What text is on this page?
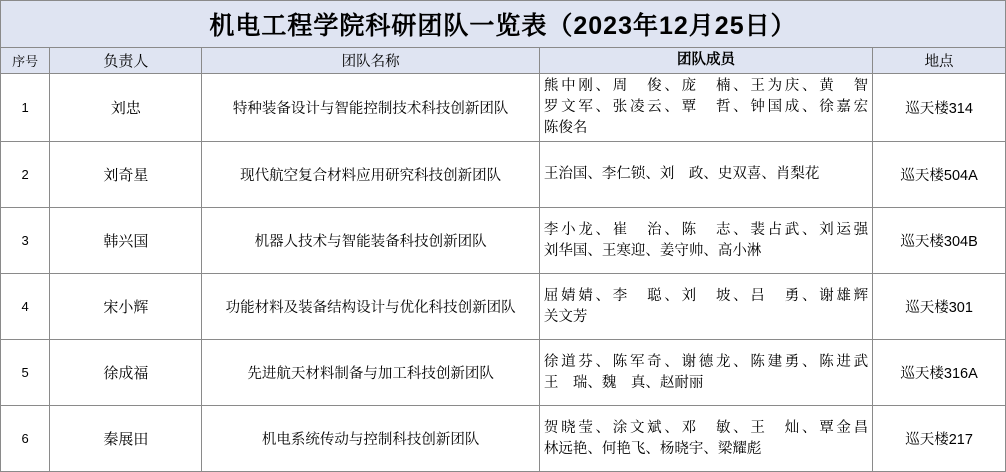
机电工程学院科研团队一览表（2023年12月25日）
序号	负责人	团队名称	团队成员	地点
1	刘忠	特种装备设计与智能控制技术科技创新团队	熊中刚、周　俊、庞　楠、王为庆、黄　智
罗文军、张凌云、覃　哲、钟国成、徐嘉宏
陈俊名	巡天楼314
2	刘奇星	现代航空复合材料应用研究科技创新团队	王治国、李仁锁、刘　政、史双喜、肖梨花	巡天楼504A
3	韩兴国	机器人技术与智能装备科技创新团队	李小龙、崔　治、陈　志、裴占武、刘运强
刘华国、王寒迎、姜守帅、高小淋	巡天楼304B
4	宋小辉	功能材料及装备结构设计与优化科技创新团队	屈婧婧、李　聪、刘　坡、吕　勇、谢雄辉
关文芳	巡天楼301
5	徐成福	先进航天材料制备与加工科技创新团队	徐道芬、陈军奇、谢德龙、陈建勇、陈进武
王　瑞、魏　真、赵耐丽	巡天楼316A
6	秦展田	机电系统传动与控制科技创新团队	贺晓莹、涂文斌、邓　敏、王　灿、覃金昌
林远艳、何艳飞、杨晓宇、梁耀彪	巡天楼217
